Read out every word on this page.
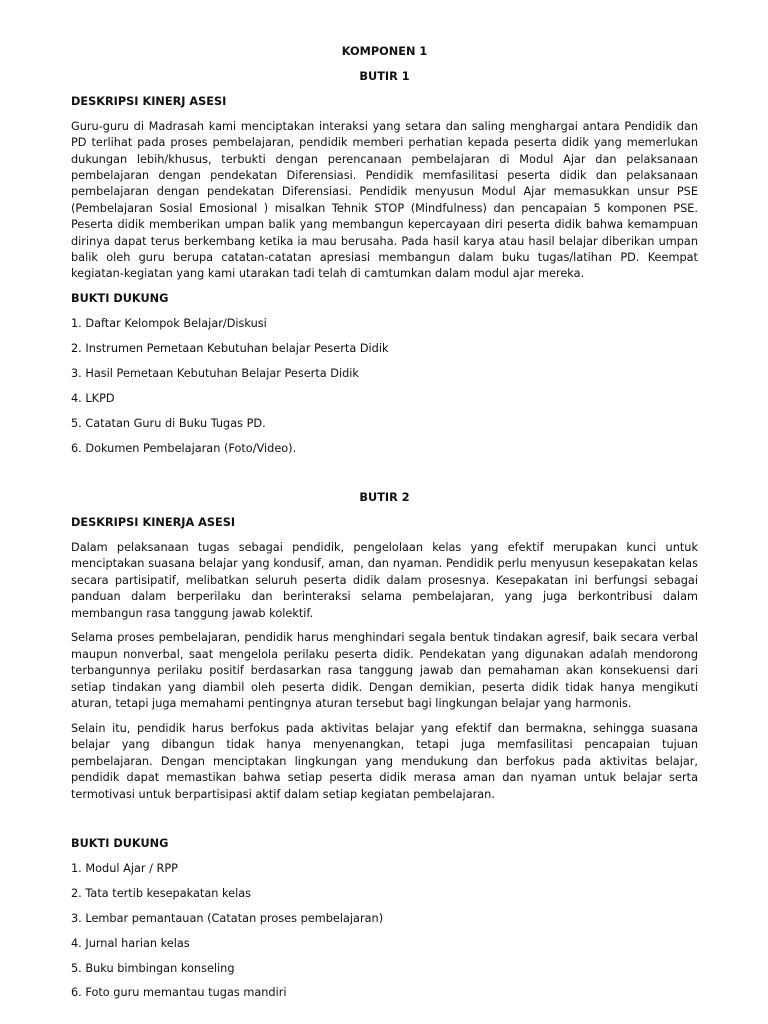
KOMPONEN 1

BUTIR 1

DESKRIPSI KINERJ ASESI

Guru-guru di Madrasah kami menciptakan interaksi yang setara dan saling menghargai antara Pendidik dan PD terlihat pada proses pembelajaran, pendidik memberi perhatian kepada peserta didik yang memerlukan dukungan lebih/khusus, terbukti dengan perencanaan pembelajaran di Modul Ajar dan pelaksanaan pembelajaran dengan pendekatan Diferensiasi. Pendidik memfasilitasi peserta didik dan pelaksanaan pembelajaran dengan pendekatan Diferensiasi. Pendidik menyusun Modul Ajar memasukkan unsur PSE (Pembelajaran Sosial Emosional ) misalkan Tehnik STOP (Mindfulness) dan pencapaian 5 komponen PSE. Peserta didik memberikan umpan balik yang membangun kepercayaan diri peserta didik bahwa kemampuan dirinya dapat terus berkembang ketika ia mau berusaha. Pada hasil karya atau hasil belajar diberikan umpan balik oleh guru berupa catatan-catatan apresiasi membangun dalam buku tugas/latihan PD. Keempat kegiatan-kegiatan yang kami utarakan tadi telah di camtumkan dalam modul ajar mereka.

BUKTI DUKUNG

1. Daftar Kelompok Belajar/Diskusi
2. Instrumen Pemetaan Kebutuhan belajar Peserta Didik
3. Hasil Pemetaan Kebutuhan Belajar Peserta Didik
4. LKPD
5. Catatan Guru di Buku Tugas PD.
6. Dokumen Pembelajaran (Foto/Video).

BUTIR 2

DESKRIPSI KINERJA ASESI

Dalam pelaksanaan tugas sebagai pendidik, pengelolaan kelas yang efektif merupakan kunci untuk menciptakan suasana belajar yang kondusif, aman, dan nyaman. Pendidik perlu menyusun kesepakatan kelas secara partisipatif, melibatkan seluruh peserta didik dalam prosesnya. Kesepakatan ini berfungsi sebagai panduan dalam berperilaku dan berinteraksi selama pembelajaran, yang juga berkontribusi dalam membangun rasa tanggung jawab kolektif.

Selama proses pembelajaran, pendidik harus menghindari segala bentuk tindakan agresif, baik secara verbal maupun nonverbal, saat mengelola perilaku peserta didik. Pendekatan yang digunakan adalah mendorong terbangunnya perilaku positif berdasarkan rasa tanggung jawab dan pemahaman akan konsekuensi dari setiap tindakan yang diambil oleh peserta didik. Dengan demikian, peserta didik tidak hanya mengikuti aturan, tetapi juga memahami pentingnya aturan tersebut bagi lingkungan belajar yang harmonis.

Selain itu, pendidik harus berfokus pada aktivitas belajar yang efektif dan bermakna, sehingga suasana belajar yang dibangun tidak hanya menyenangkan, tetapi juga memfasilitasi pencapaian tujuan pembelajaran. Dengan menciptakan lingkungan yang mendukung dan berfokus pada aktivitas belajar, pendidik dapat memastikan bahwa setiap peserta didik merasa aman dan nyaman untuk belajar serta termotivasi untuk berpartisipasi aktif dalam setiap kegiatan pembelajaran.

BUKTI DUKUNG

1. Modul Ajar / RPP
2. Tata tertib kesepakatan kelas
3. Lembar pemantauan (Catatan proses pembelajaran)
4. Jurnal harian kelas
5. Buku bimbingan konseling
6. Foto guru memantau tugas mandiri
